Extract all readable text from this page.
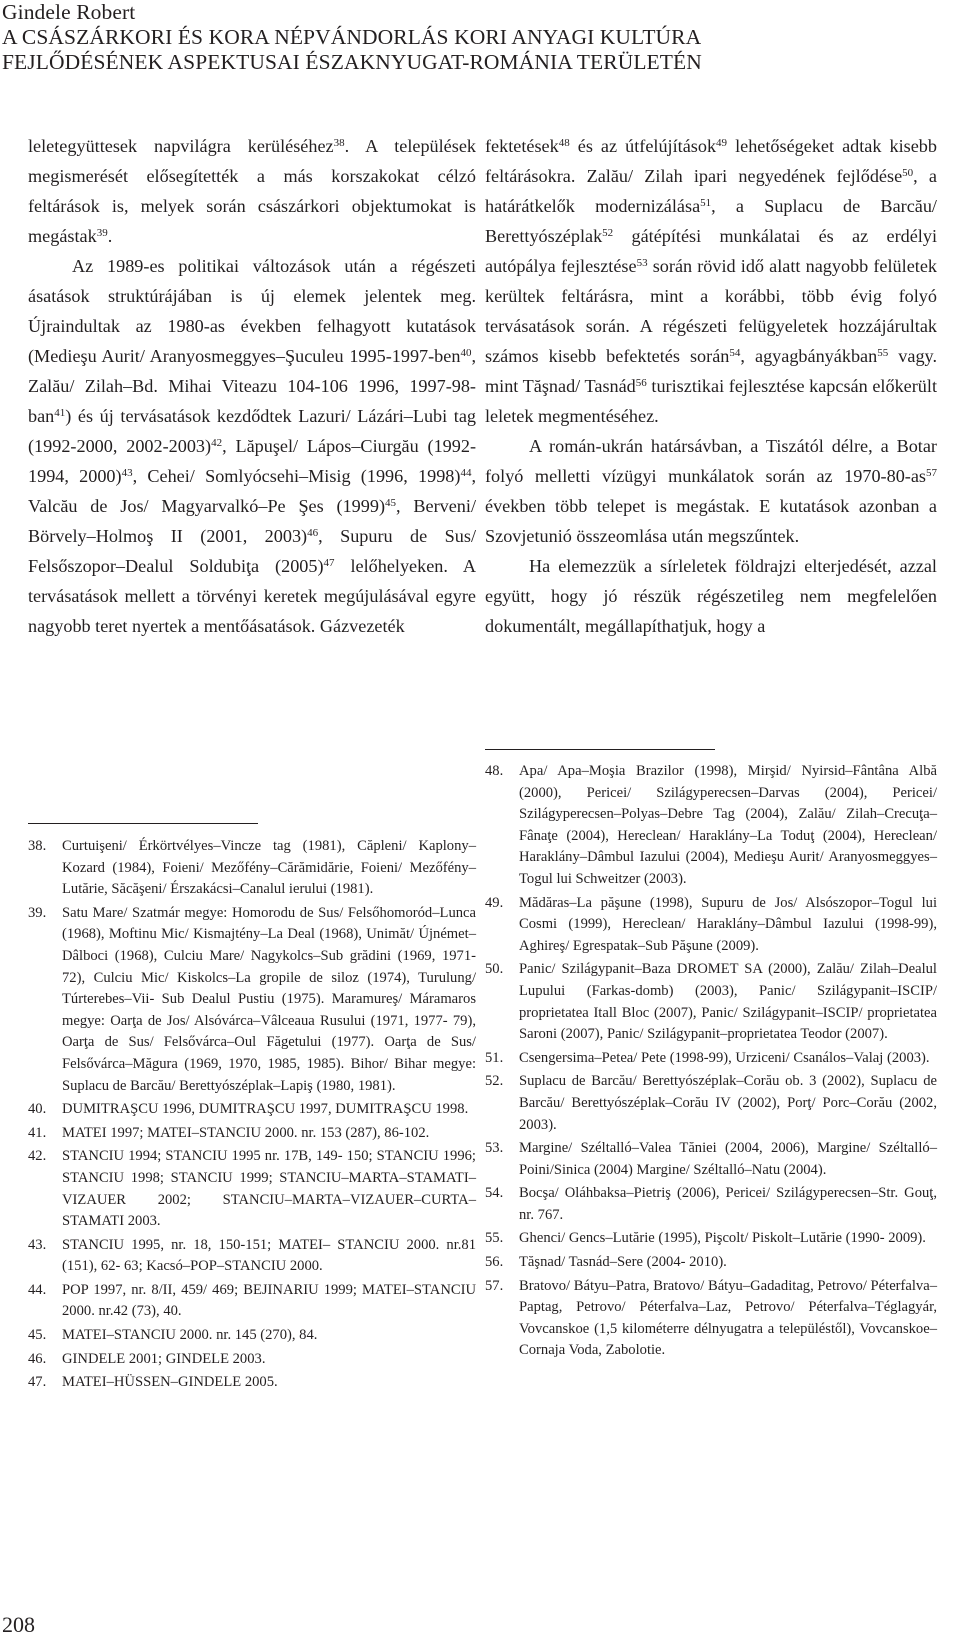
Gindele Robert
A CSÁSZÁRKORI ÉS KORA NÉPVÁNDORLÁS KORI ANYAGI KULTÚRA
FEJLŐDÉSÉNEK ASPEKTUSAI ÉSZAKNYUGAT-ROMÁNIA TERÜLETÉN

leletegyüttesek napvilágra kerüléséhez$^{38}$. A települések megismerését elősegítették a más korszakokat célzó feltárások is, melyek során császárkori objektumokat is megástak$^{39}$.

Az 1989-es politikai változások után a régészeti ásatások struktúrájában is új elemek jelentek meg. Újraindultak az 1980-as években felhagyott kutatások (Medieşu Aurit/ Aranyosmeggyes–Şuculeu 1995-1997-ben$^{40}$, Zalău/ Zilah–Bd. Mihai Viteazu 104-106 1996, 1997-98-ban$^{41}$) és új tervásatások kezdődtek Lazuri/ Lázári–Lubi tag (1992-2000, 2002-2003)$^{42}$, Lăpuşel/ Lápos–Ciurgău (1992- 1994, 2000)$^{43}$, Cehei/ Somlyócsehi–Misig (1996, 1998)$^{44}$, Valcău de Jos/ Magyarvalkó–Pe Şes $(1999)^{45}$, Berveni/ Börvely–Holmoş II (2001, 2003)$^{46}$, Supuru de Sus/ Felsőszopor–Dealul Soldubiţa $(2005)^{47}$ lelőhelyeken. A tervásatások mellett a törvényi keretek megújulásával egyre nagyobb teret nyertek a mentőásatások. Gázvezeték

fektetések$^{48}$ és az útfelújítások$^{49}$ lehetőségeket adtak kisebb feltárásokra. Zalău/ Zilah ipari negyedének fejlődése$^{50}$, a határátkelők modernizálása$^{51}$, a Suplacu de Barcău/ Berettyószéplak$^{52}$ gátépítési munkálatai és az erdélyi autópálya fejlesztése$^{53}$ során rövid idő alatt nagyobb felületek kerültek feltárásra, mint a korábbi, több évig folyó tervásatások során. A régészeti felügyeletek hozzájárultak számos kisebb befektetés során$^{54}$, agyagbányákban$^{55}$ vagy. mint Tăşnad/ Tasnád$^{56}$ turisztikai fejlesztése kapcsán előkerült leletek megmentéséhez.

A román-ukrán határsávban, a Tiszától délre, a Botar folyó melletti vízügyi munkálatok során az $1970-80-as^{57}$ években több telepet is megástak. E kutatások azonban a Szovjetunió összeomlása után megszűntek.

Ha elemezzük a sírleletek földrajzi elterjedését, azzal együtt, hogy jó részük régészetileg nem megfelelően dokumentált, megállapíthatjuk, hogy a

38.	Curtuişeni/ Érkörtvélyes–Vincze tag (1981), Căpleni/ Kaplony–Kozard (1984), Foieni/ Mezőfény–Cărămidărie, Foieni/ Mezőfény–Lutărie, Săcăşeni/ Érszakácsi–Canalul ierului (1981).
39.	Satu Mare/ Szatmár megye: Homorodu de Sus/ Felsőhomoród–Lunca (1968), Moftinu Mic/ Kismajtény–La Deal (1968), Unimăt/ Újnémet–Dâlboci (1968), Culciu Mare/ Nagykolcs–Sub grădini (1969, 1971-72), Culciu Mic/ Kiskolcs–La gropile de siloz (1974), Turulung/ Túrterebes–Vii- Sub Dealul Pustiu (1975). Maramureş/ Máramaros megye: Oarţa de Jos/ Alsóvárca–Vâlceaua Rusului (1971, 1977- 79), Oarţa de Sus/ Felsővárca–Oul Făgetului (1977). Oarţa de Sus/ Felsővárca–Măgura (1969, 1970, 1985, 1985). Bihor/ Bihar megye: Suplacu de Barcău/ Berettyószéplak–Lapiş (1980, 1981).
40.	DUMITRAŞCU 1996, DUMITRAŞCU 1997, DUMITRAŞCU 1998.
41.	MATEI 1997; MATEI–STANCIU 2000. nr. 153 (287), 86-102.
42.	STANCIU 1994; STANCIU 1995 nr. 17B, 149- 150; STANCIU 1996; STANCIU 1998; STANCIU 1999; STANCIU–MARTA–STAMATI–VIZAUER 2002; STANCIU–MARTA–VIZAUER–CURTA–STAMATI 2003.
43.	STANCIU 1995, nr. 18, 150-151; MATEI– STANCIU 2000. nr.81 (151), 62- 63; Kacsó–POP–STANCIU 2000.
44.	POP 1997, nr. 8/II, 459/ 469; BEJINARIU 1999; MATEI–STANCIU 2000. nr.42 (73), 40.
45.	MATEI–STANCIU 2000. nr. 145 (270), 84.
46.	GINDELE 2001; GINDELE 2003.
47.	MATEI–HÜSSEN–GINDELE 2005.
48.	Apa/ Apa–Moşia Brazilor (1998), Mirşid/ Nyirsid–Fântâna Albă (2000), Pericei/ Szilágyperecsen–Darvas (2004), Pericei/ Szilágyperecsen–Polyas–Debre Tag (2004), Zalău/ Zilah–Crecuţa–Fânaţe (2004), Hereclean/ Haraklány–La Toduţ (2004), Hereclean/ Haraklány–Dâmbul Iazului (2004), Medieşu Aurit/ Aranyosmeggyes–Togul lui Schweitzer (2003).
49.	Mădăras–La păşune (1998), Supuru de Jos/ Alsószopor–Togul lui Cosmi (1999), Hereclean/ Haraklány–Dâmbul Iazului (1998-99), Aghireş/ Egrespatak–Sub Păşune (2009).
50.	Panic/ Szilágypanit–Baza DROMET SA (2000), Zalău/ Zilah–Dealul Lupului (Farkas-domb) (2003), Panic/ Szilágypanit–ISCIP/ proprietatea Itall Bloc (2007), Panic/ Szilágypanit–ISCIP/ proprietatea Saroni (2007), Panic/ Szilágypanit–proprietatea Teodor (2007).
51.	Csengersima–Petea/ Pete (1998-99), Urziceni/ Csanálos–Valaj (2003).
52.	Suplacu de Barcău/ Berettyószéplak–Corău ob. 3 (2002), Suplacu de Barcău/ Berettyószéplak–Corău IV (2002), Porţ/ Porc–Corău (2002, 2003).
53.	Margine/ Széltalló–Valea Tăniei (2004, 2006), Margine/ Széltalló–Poini/Sinica (2004) Margine/ Széltalló–Natu (2004).
54.	Bocşa/ Oláhbaksa–Pietriş (2006), Pericei/ Szilágyperecsen–Str. Gouţ, nr. 767.
55.	Ghenci/ Gencs–Lutărie (1995), Pişcolt/ Piskolt–Lutărie (1990- 2009).
56.	Tăşnad/ Tasnád–Sere (2004- 2010).
57.	Bratovo/ Bátyu–Patra, Bratovo/ Bátyu–Gadaditag, Petrovo/ Péterfalva–Paptag, Petrovo/ Péterfalva–Laz, Petrovo/ Péterfalva–Téglagyár, Vovcanskoe (1,5 kilométerre délnyugatra a településtől), Vovcanskoe–Cornaja Voda, Zabolotie.
208
